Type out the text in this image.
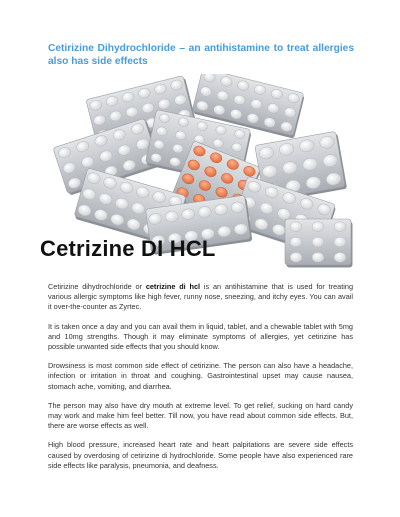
Cetirizine Dihydrochloride – an antihistamine to treat allergies also has side effects
Cetrizine DI HCL

Cetirizine dihydrochloride or cetrizine di hcl is an antihistamine that is used for treating various allergic symptoms like high fever, runny nose, sneezing, and itchy eyes. You can avail it over-the-counter as Zyrtec.

It is taken once a day and you can avail them in liquid, tablet, and a chewable tablet with 5mg and 10mg strengths. Though it may eliminate symptoms of allergies, yet cetirizine has possible unwanted side effects that you should know.

Drowsiness is most common side effect of cetirizine. The person can also have a headache, infection or irritation in throat and coughing. Gastrointestinal upset may cause nausea, stomach ache, vomiting, and diarrhea.

The person may also have dry mouth at extreme level. To get relief, sucking on hard candy may work and make him feel better. Till now, you have read about common side effects. But, there are worse effects as well.

High blood pressure, increased heart rate and heart palpitations are severe side effects caused by overdosing of cetirizine di hydrochloride. Some people have also experienced rare side effects like paralysis, pneumonia, and deafness.
